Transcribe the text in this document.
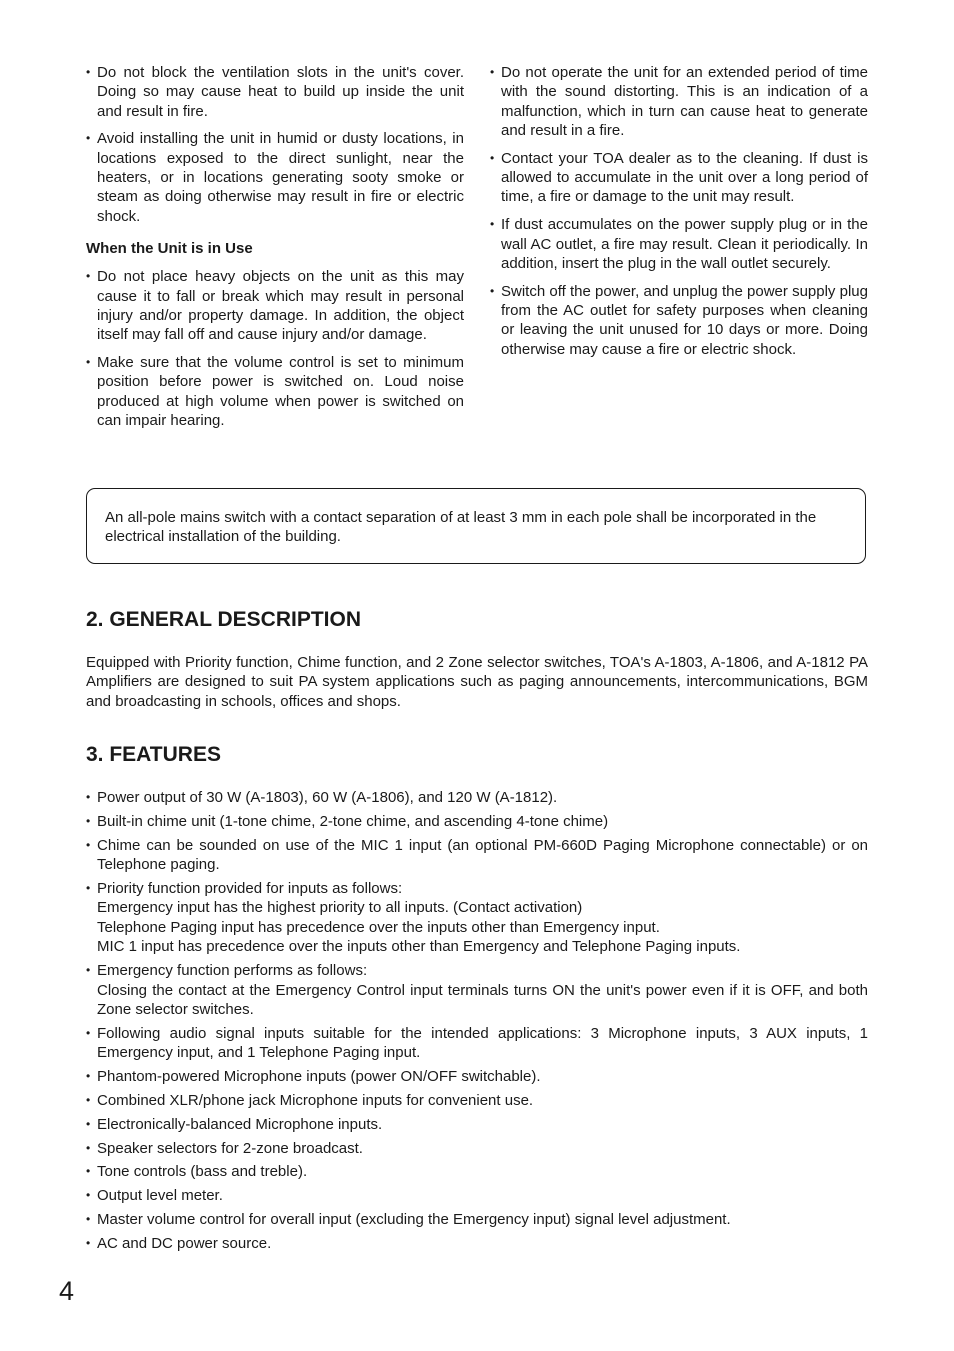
• Do not block the ventilation slots in the unit's cover. Doing so may cause heat to build up inside the unit and result in fire.
• Avoid installing the unit in humid or dusty locations, in locations exposed to the direct sunlight, near the heaters, or in locations generating sooty smoke or steam as doing otherwise may result in fire or electric shock.
When the Unit is in Use
• Do not place heavy objects on the unit as this may cause it to fall or break which may result in personal injury and/or property damage. In addition, the object itself may fall off and cause injury and/or damage.
• Make sure that the volume control is set to minimum position before power is switched on. Loud noise produced at high volume when power is switched on can impair hearing.
• Do not operate the unit for an extended period of time with the sound distorting. This is an indication of a malfunction, which in turn can cause heat to generate and result in a fire.
• Contact your TOA dealer as to the cleaning. If dust is allowed to accumulate in the unit over a long period of time, a fire or damage to the unit may result.
• If dust accumulates on the power supply plug or in the wall AC outlet, a fire may result. Clean it periodically. In addition, insert the plug in the wall outlet securely.
• Switch off the power, and unplug the power supply plug from the AC outlet for safety purposes when cleaning or leaving the unit unused for 10 days or more. Doing otherwise may cause a fire or electric shock.
An all-pole mains switch with a contact separation of at least 3 mm in each pole shall be incorporated in the electrical installation of the building.
2. GENERAL DESCRIPTION

Equipped with Priority function, Chime function, and 2 Zone selector switches, TOA's A-1803, A-1806, and A-1812 PA Amplifiers are designed to suit PA system applications such as paging announcements, intercommunications, BGM and broadcasting in schools, offices and shops.

3. FEATURES
• Power output of 30 W (A-1803), 60 W (A-1806), and 120 W (A-1812).
• Built-in chime unit (1-tone chime, 2-tone chime, and ascending 4-tone chime)
• Chime can be sounded on use of the MIC 1 input (an optional PM-660D Paging Microphone connectable) or on Telephone paging.
• Priority function provided for inputs as follows:
Emergency input has the highest priority to all inputs. (Contact activation)
Telephone Paging input has precedence over the inputs other than Emergency input.
MIC 1 input has precedence over the inputs other than Emergency and Telephone Paging inputs.
• Emergency function performs as follows:
Closing the contact at the Emergency Control input terminals turns ON the unit's power even if it is OFF, and both Zone selector switches.
• Following audio signal inputs suitable for the intended applications: 3 Microphone inputs, 3 AUX inputs, 1 Emergency input, and 1 Telephone Paging input.
• Phantom-powered Microphone inputs (power ON/OFF switchable).
• Combined XLR/phone jack Microphone inputs for convenient use.
• Electronically-balanced Microphone inputs.
• Speaker selectors for 2-zone broadcast.
• Tone controls (bass and treble).
• Output level meter.
• Master volume control for overall input (excluding the Emergency input) signal level adjustment.
• AC and DC power source.
4
